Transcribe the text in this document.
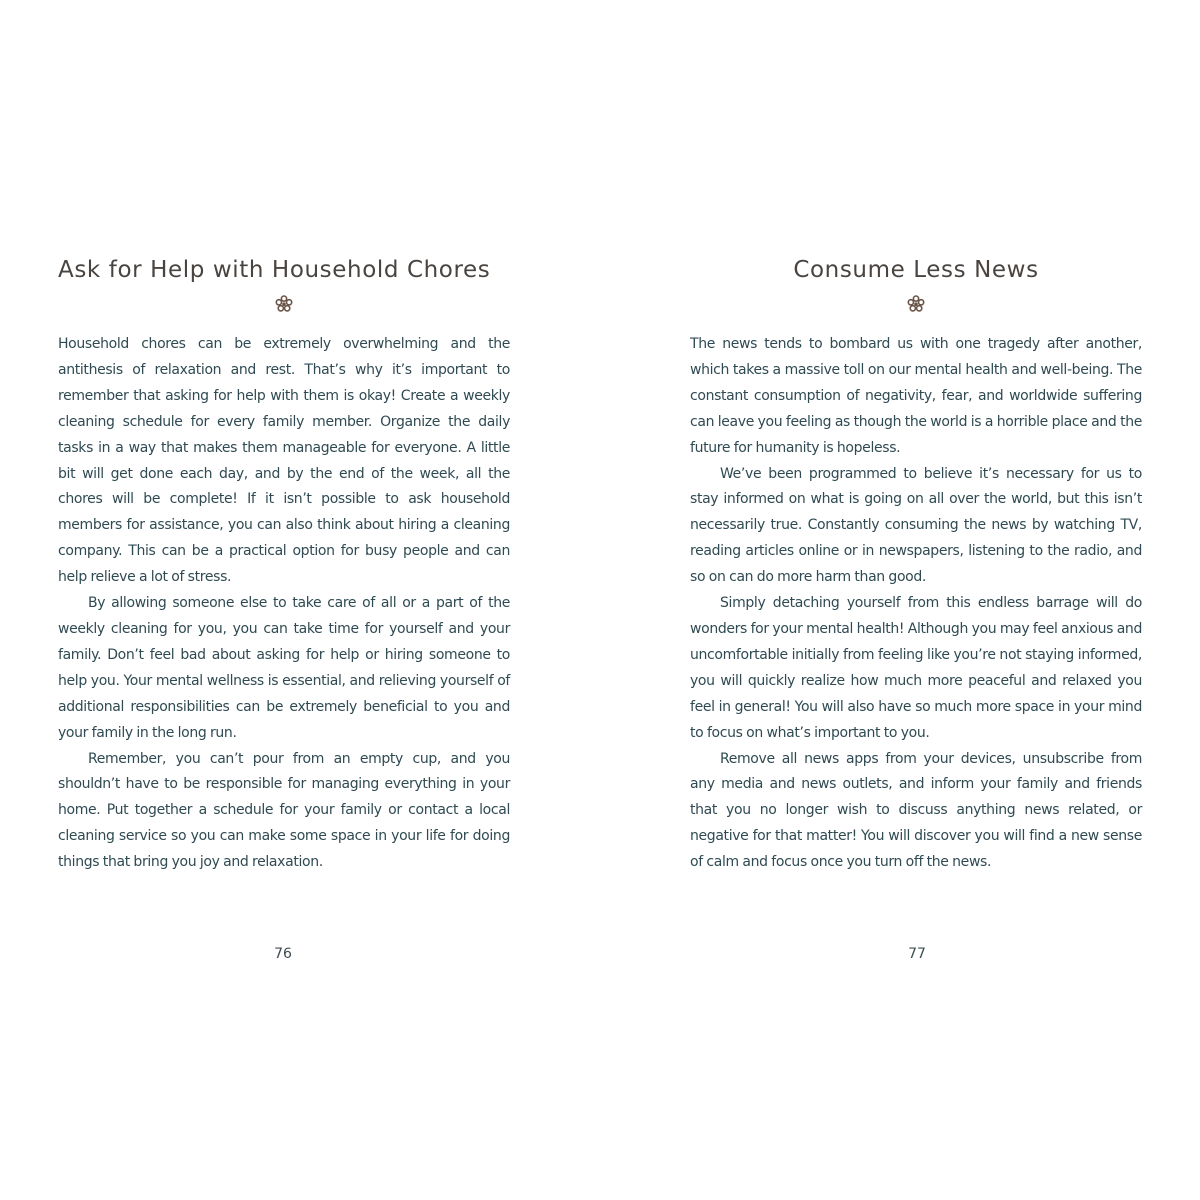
Ask for Help with Household Chores

Household chores can be extremely overwhelming and the antithesis of relaxation and rest. That’s why it’s important to remember that asking for help with them is okay! Create a weekly cleaning schedule for every family member. Organize the daily tasks in a way that makes them manageable for everyone. A little bit will get done each day, and by the end of the week, all the chores will be complete! If it isn’t possible to ask household members for assistance, you can also think about hiring a cleaning company. This can be a practical option for busy people and can help relieve a lot of stress.

By allowing someone else to take care of all or a part of the weekly cleaning for you, you can take time for yourself and your family. Don’t feel bad about asking for help or hiring someone to help you. Your mental wellness is essential, and relieving yourself of additional responsibilities can be extremely beneficial to you and your family in the long run.

Remember, you can’t pour from an empty cup, and you shouldn’t have to be responsible for managing everything in your home. Put together a schedule for your family or contact a local cleaning service so you can make some space in your life for doing things that bring you joy and relaxation.

Consume Less News

The news tends to bombard us with one tragedy after another, which takes a massive toll on our mental health and well-being. The constant consumption of negativity, fear, and worldwide suffering can leave you feeling as though the world is a horrible place and the future for humanity is hopeless.

We’ve been programmed to believe it’s necessary for us to stay informed on what is going on all over the world, but this isn’t necessarily true. Constantly consuming the news by watching TV, reading articles online or in newspapers, listening to the radio, and so on can do more harm than good.

Simply detaching yourself from this endless barrage will do wonders for your mental health! Although you may feel anxious and uncomfortable initially from feeling like you’re not staying informed, you will quickly realize how much more peaceful and relaxed you feel in general! You will also have so much more space in your mind to focus on what’s important to you.

Remove all news apps from your devices, unsubscribe from any media and news outlets, and inform your family and friends that you no longer wish to discuss anything news related, or negative for that matter! You will discover you will find a new sense of calm and focus once you turn off the news.

76	77
